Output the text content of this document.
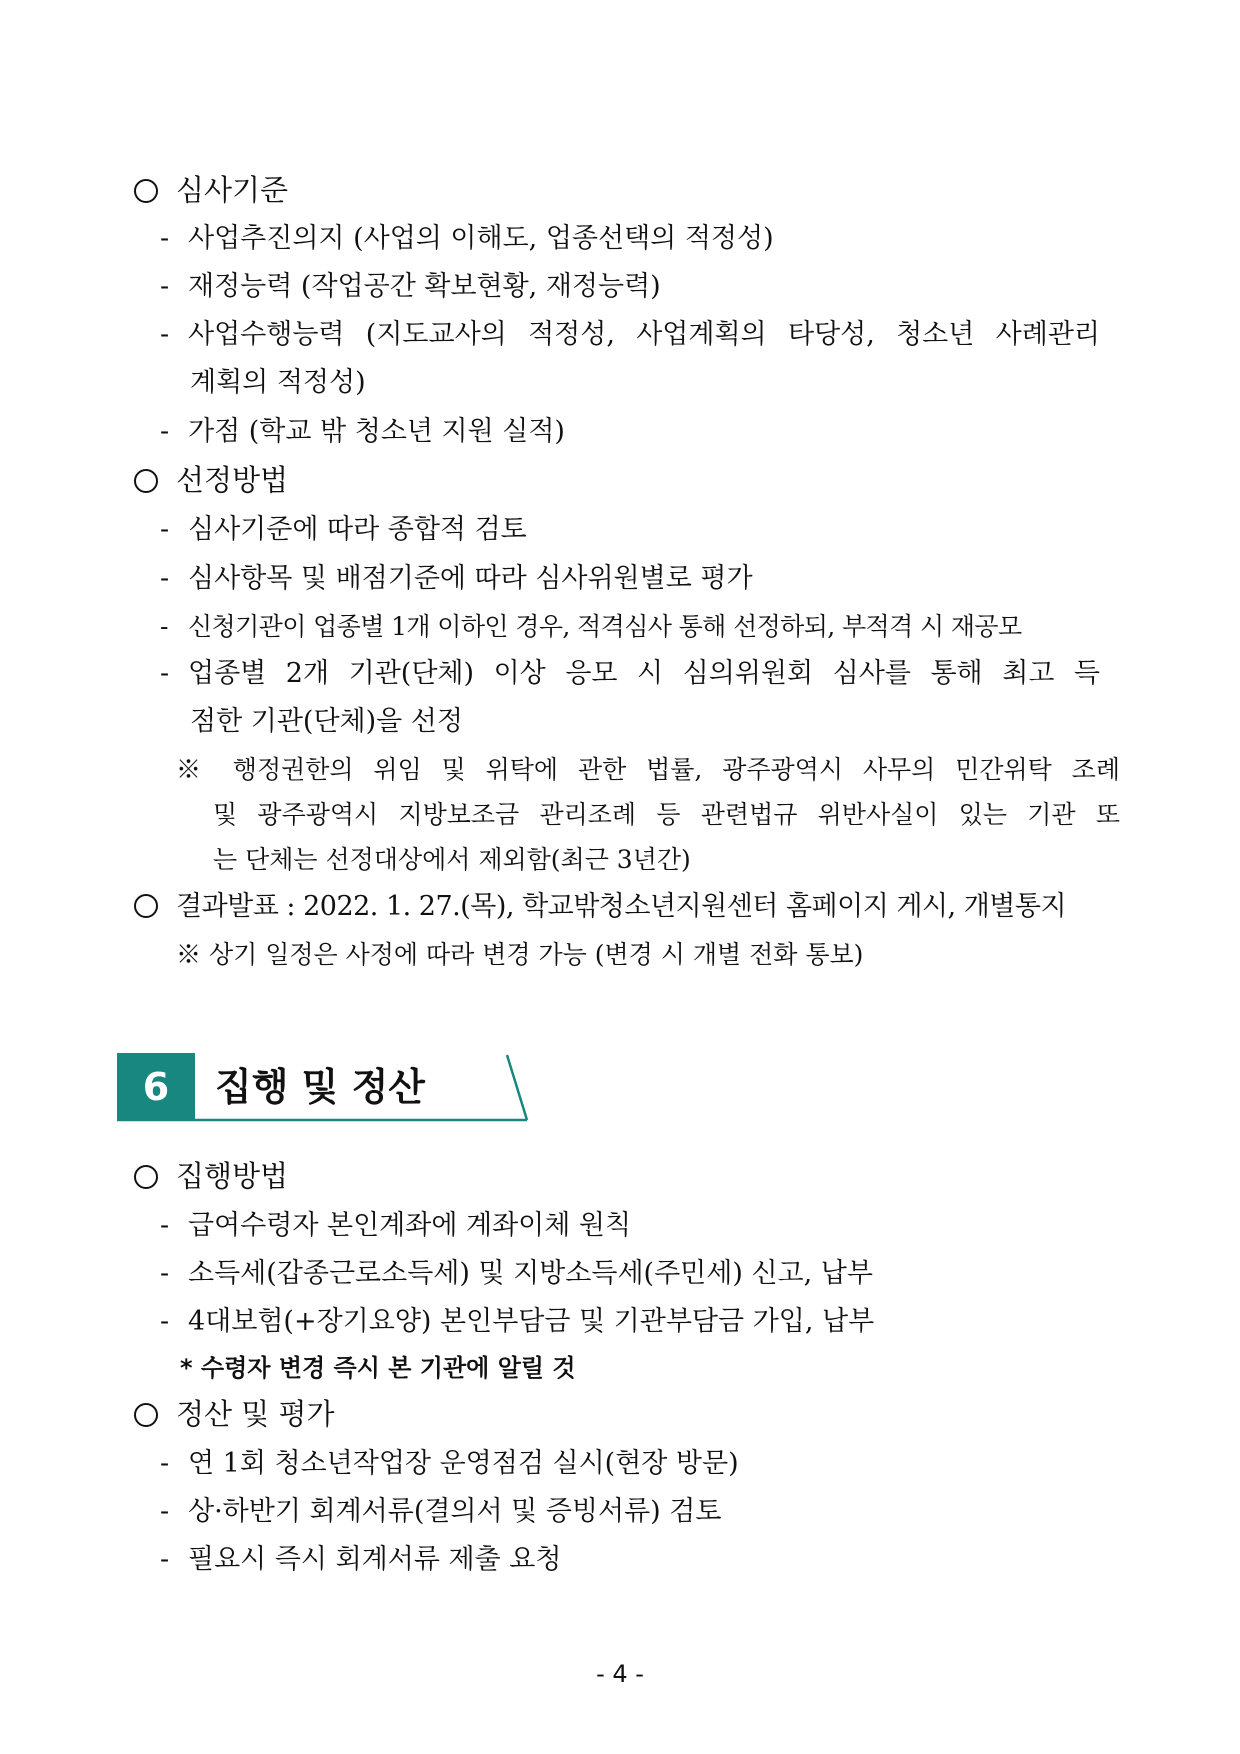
심사기준
- 사업추진의지 (사업의 이해도, 업종선택의 적정성)
- 재정능력 (작업공간 확보현황, 재정능력)
- 사업수행능력 (지도교사의 적정성, 사업계획의 타당성, 청소년 사례관리
계획의 적정성)
- 가점 (학교 밖 청소년 지원 실적)
선정방법
- 심사기준에 따라 종합적 검토
- 심사항목 및 배점기준에 따라 심사위원별로 평가
- 신청기관이 업종별 1개 이하인 경우, 적격심사 통해 선정하되, 부적격 시 재공모
- 업종별 2개 기관(단체) 이상 응모 시 심의위원회 심사를 통해 최고 득
점한 기관(단체)을 선정
※ 행정권한의 위임 및 위탁에 관한 법률, 광주광역시 사무의 민간위탁 조례
및 광주광역시 지방보조금 관리조례 등 관련법규 위반사실이 있는 기관 또
는 단체는 선정대상에서 제외함(최근 3년간)
결과발표 : 2022. 1. 27.(목), 학교밖청소년지원센터 홈페이지 게시, 개별통지
※ 상기 일정은 사정에 따라 변경 가능 (변경 시 개별 전화 통보)
6	집행 및 정산
집행방법
- 급여수령자 본인계좌에 계좌이체 원칙
- 소득세(갑종근로소득세) 및 지방소득세(주민세) 신고, 납부
- 4대보험(+장기요양) 본인부담금 및 기관부담금 가입, 납부
* 수령자 변경 즉시 본 기관에 알릴 것
정산 및 평가
- 연 1회 청소년작업장 운영점검 실시(현장 방문)
- 상·하반기 회계서류(결의서 및 증빙서류) 검토
- 필요시 즉시 회계서류 제출 요청
- 4 -
